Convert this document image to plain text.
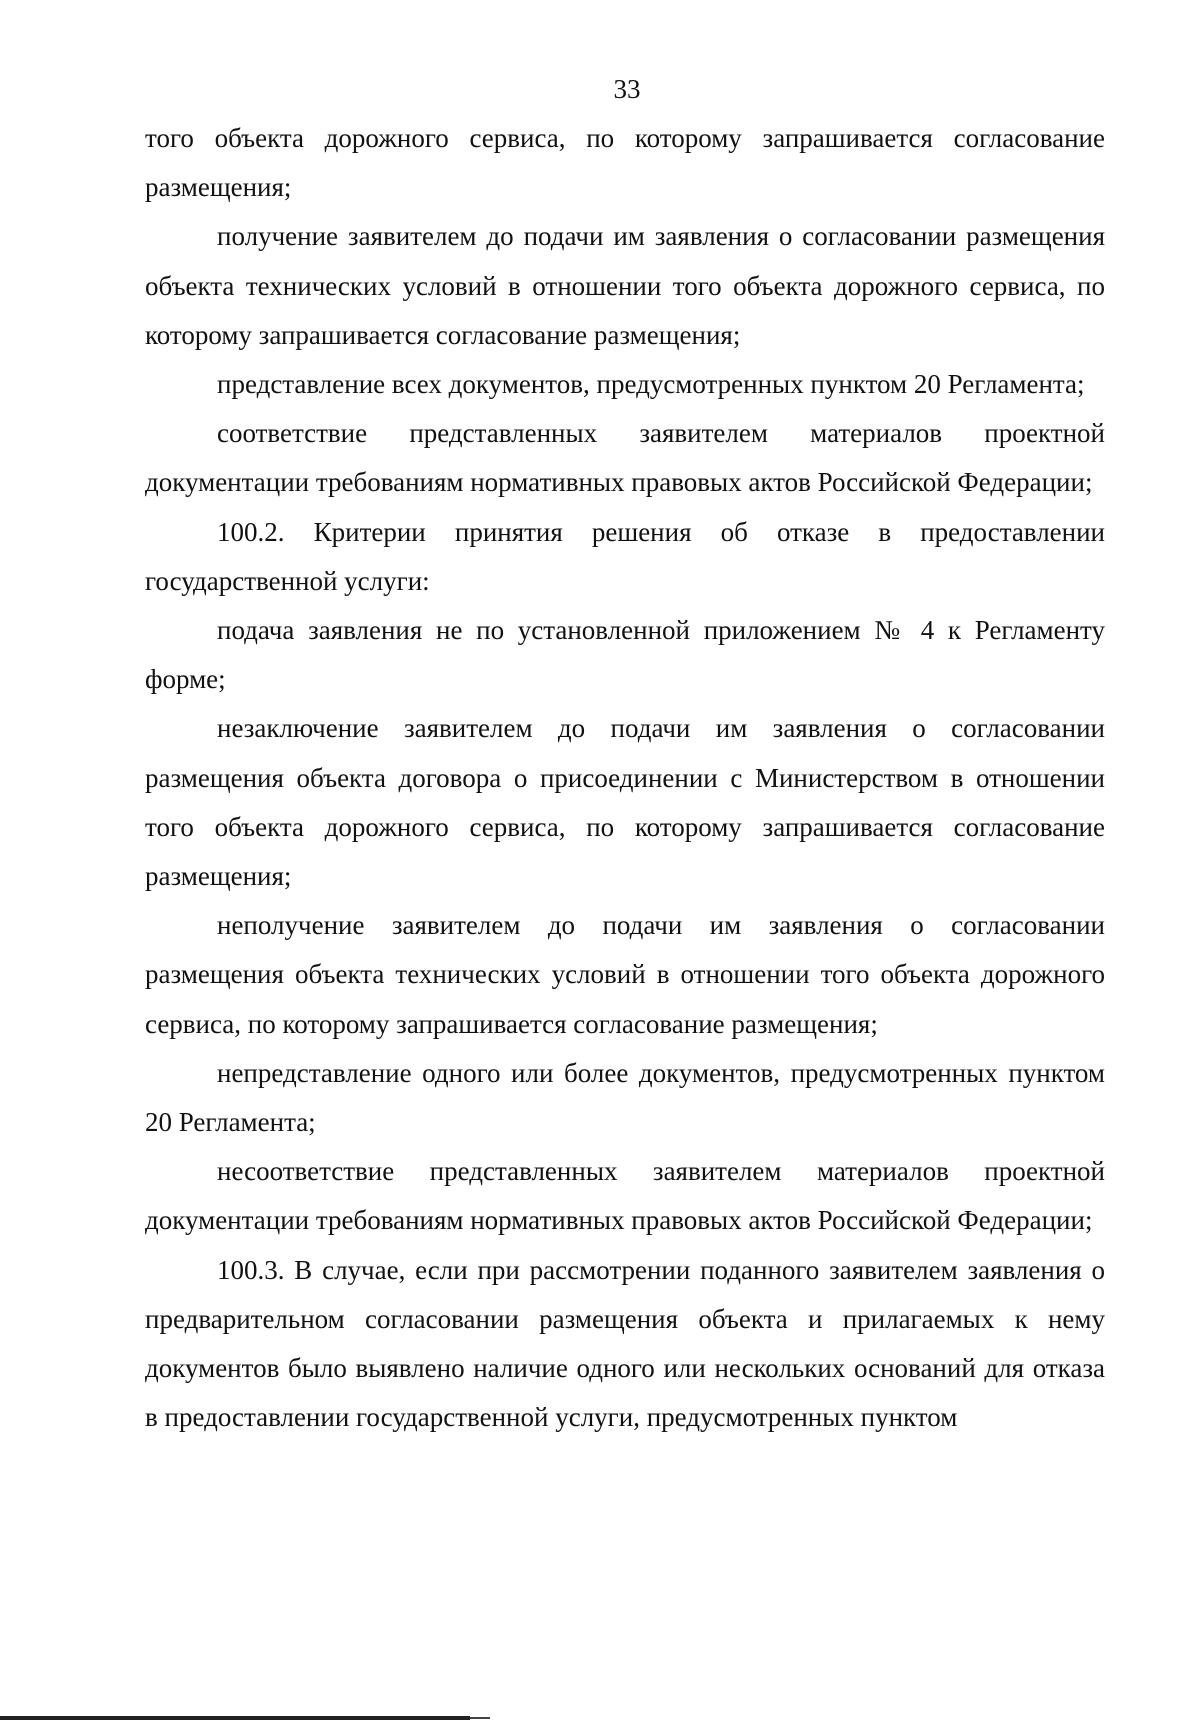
33

того объекта дорожного сервиса, по которому запрашивается согласование размещения;

получение заявителем до подачи им заявления о согласовании размещения объекта технических условий в отношении того объекта дорожного сервиса, по которому запрашивается согласование размещения;

представление всех документов, предусмотренных пунктом 20 Регламента;

соответствие представленных заявителем материалов проектной документации требованиям нормативных правовых актов Российской Федерации;

100.2. Критерии принятия решения об отказе в предоставлении государственной услуги:

подача заявления не по установленной приложением № 4 к Регламенту форме;

незаключение заявителем до подачи им заявления о согласовании размещения объекта договора о присоединении с Министерством в отношении того объекта дорожного сервиса, по которому запрашивается согласование размещения;

неполучение заявителем до подачи им заявления о согласовании размещения объекта технических условий в отношении того объекта дорожного сервиса, по которому запрашивается согласование размещения;

непредставление одного или более документов, предусмотренных пунктом 20 Регламента;

несоответствие представленных заявителем материалов проектной документации требованиям нормативных правовых актов Российской Федерации;

100.3. В случае, если при рассмотрении поданного заявителем заявления о предварительном согласовании размещения объекта и прилагаемых к нему документов было выявлено наличие одного или нескольких оснований для отказа в предоставлении государственной услуги, предусмотренных пунктом
